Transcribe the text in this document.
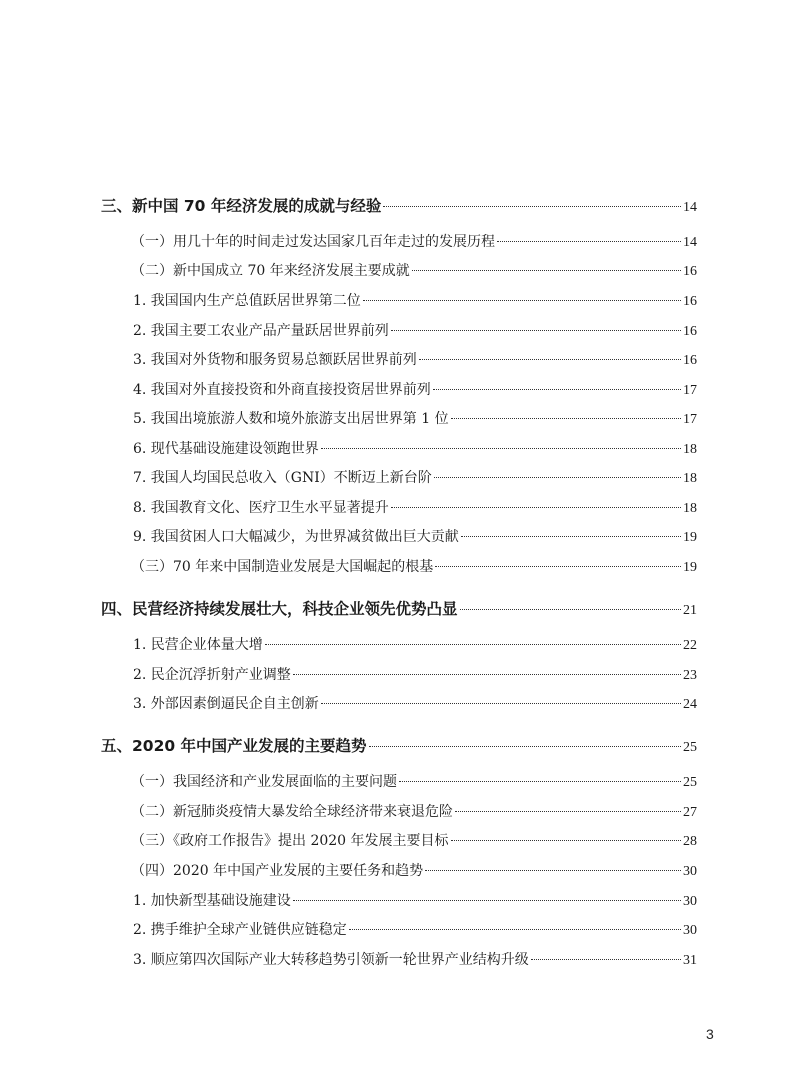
三、新中国 70 年经济发展的成就与经验	14
（一）用几十年的时间走过发达国家几百年走过的发展历程	14
（二）新中国成立 70 年来经济发展主要成就	16
1. 我国国内生产总值跃居世界第二位	16
2. 我国主要工农业产品产量跃居世界前列	16
3. 我国对外货物和服务贸易总额跃居世界前列	16
4. 我国对外直接投资和外商直接投资居世界前列	17
5. 我国出境旅游人数和境外旅游支出居世界第 1 位	17
6. 现代基础设施建设领跑世界	18
7. 我国人均国民总收入（GNI）不断迈上新台阶	18
8. 我国教育文化、医疗卫生水平显著提升	18
9. 我国贫困人口大幅减少，为世界减贫做出巨大贡献	19
（三）70 年来中国制造业发展是大国崛起的根基	19
四、民营经济持续发展壮大，科技企业领先优势凸显	21
1. 民营企业体量大增	22
2. 民企沉浮折射产业调整	23
3. 外部因素倒逼民企自主创新	24
五、2020 年中国产业发展的主要趋势	25
（一）我国经济和产业发展面临的主要问题	25
（二）新冠肺炎疫情大暴发给全球经济带来衰退危险	27
（三）《政府工作报告》提出 2020 年发展主要目标	28
（四）2020 年中国产业发展的主要任务和趋势	30
1. 加快新型基础设施建设	30
2. 携手维护全球产业链供应链稳定	30
3. 顺应第四次国际产业大转移趋势引领新一轮世界产业结构升级	31
3
